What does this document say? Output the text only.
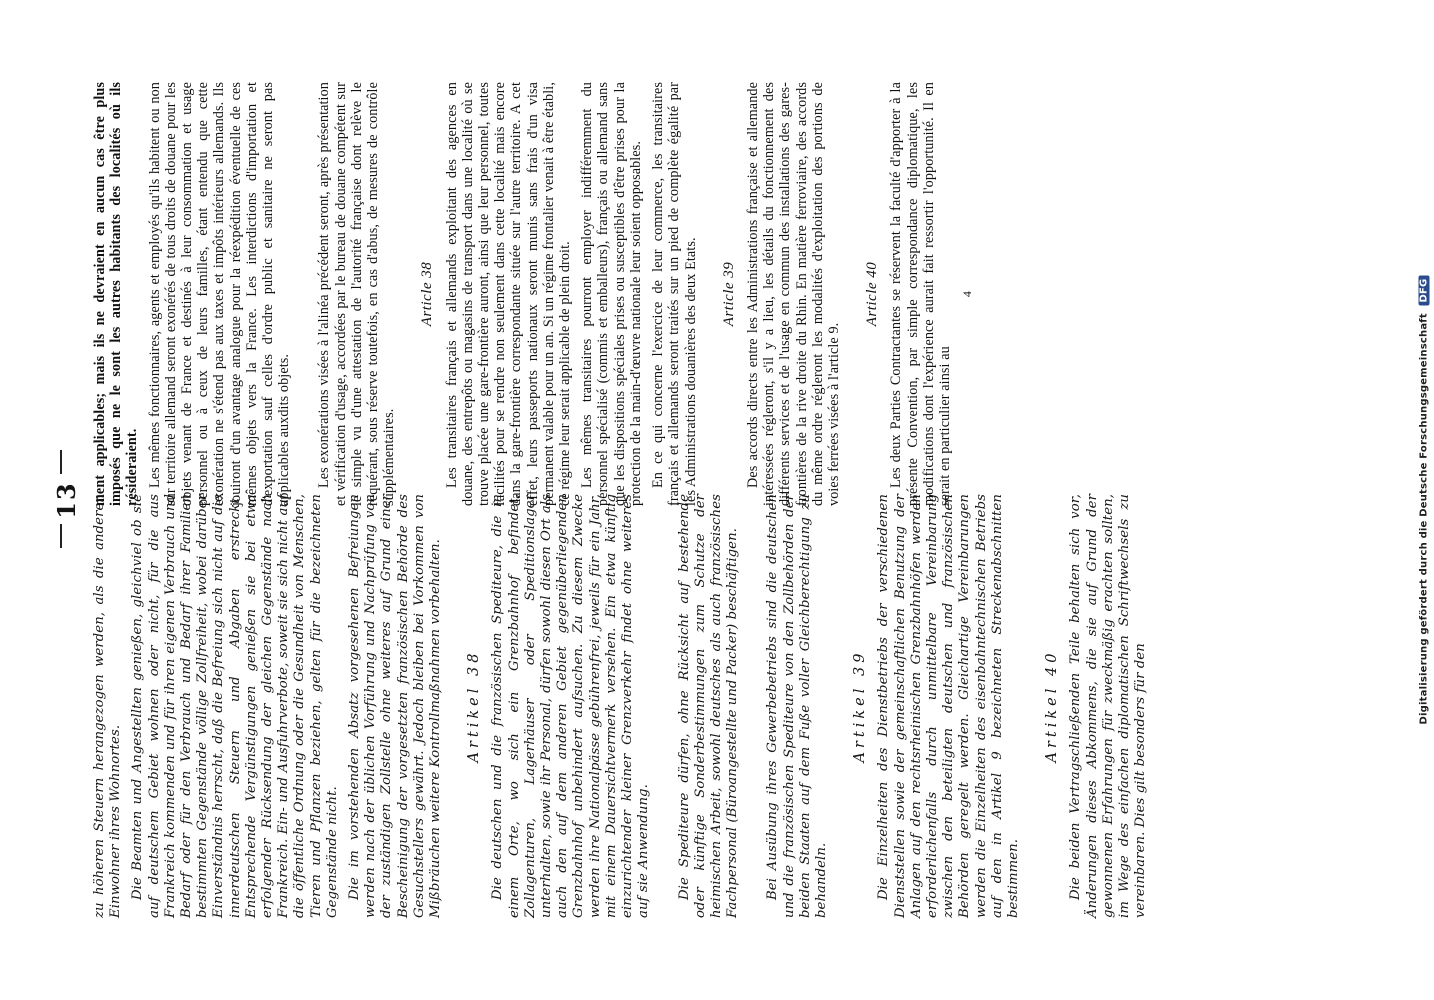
13 zu höheren Steuern herangezogen werden, als die anderen Einwohner ihres Wohnortes. Die Beamten und Angestellten genießen, gleichviel ob sie auf deutschem Gebiet wohnen oder nicht, für die aus Frankreich kommenden und für ihren eigenen Verbrauch und Bedarf oder für den Verbrauch und Bedarf ihrer Familien bestimmten Gegenstände völlige Zollfreiheit, wobei darüber Einverständnis herrscht, daß die Befreiung sich nicht auf die innerdeutschen Steuern und Abgaben erstreckt. Entsprechende Vergünstigungen genießen sie bei etwa erfolgender Rücksendung der gleichen Gegenstände nach Frankreich. Ein- und Ausfuhrverbote, soweit sie sich nicht auf die öffentliche Ordnung oder die Gesundheit von Menschen, Tieren und Pflanzen beziehen, gelten für die bezeichneten Gegenstände nicht. Die im vorstehenden Absatz vorgesehenen Befreiungen werden nach der üblichen Vorführung und Nachprüfung von der zuständigen Zollstelle ohne weiteres auf Grund einer Bescheinigung der vorgesetzten französischen Behörde des Gesuchstellers gewährt. Jedoch bleiben bei Vorkommen von Mißbräuchen weitere Kontrollmaßnahmen vorbehalten. Artikel 38 Die deutschen und die französischen Spediteure, die in einem Orte, wo sich ein Grenzbahnhof befindet, Zollagenturen, Lagerhäuser oder Speditionslager unterhalten, sowie ihr Personal, dürfen sowohl diesen Ort als auch den auf dem anderen Gebiet gegenüberliegenden Grenzbahnhof unbehindert aufsuchen. Zu diesem Zwecke werden ihre Nationalpässe gebührenfrei, jeweils für ein Jahr, mit einem Dauersichtvermerk versehen. Ein etwa künftig einzurichtender kleiner Grenzverkehr findet ohne weiteres auf sie Anwendung. Die Spediteure dürfen, ohne Rücksicht auf bestehende oder künftige Sonderbestimmungen zum Schutze der heimischen Arbeit, sowohl deutsches als auch französisches Fachpersonal (Büroangestellte und Packer) beschäftigen. Bei Ausübung ihres Gewerbebetriebs sind die deutschen und die französischen Spediteure von den Zollbehörden der beiden Staaten auf dem Fuße voller Gleichberechtigung zu behandeln.

Artikel 39 Die Einzelheiten des Dienstbetriebs der verschiedenen Dienststellen sowie der gemeinschaftlichen Benutzung der Anlagen auf den rechtsrheinischen Grenzbahnhöfen werden erforderlichenfalls durch unmittelbare Vereinbarung zwischen den beteiligten deutschen und französischen Behörden geregelt werden. Gleichartige Vereinbarungen werden die Einzelheiten des eisenbahntechnischen Betriebs auf den in Artikel 9 bezeichneten Streckenabschnitten bestimmen.

Artikel 40 Die beiden Vertragschließenden Teile behalten sich vor, Änderungen dieses Abkommens, die sie auf Grund der gewonnenen Erfahrungen für zweckmäßig erachten sollten, im Wege des einfachen diplomatischen Schriftwechsels zu vereinbaren. Dies gilt besonders für den

ment applicables; mais ils ne devraient en aucun cas être plus imposés que ne le sont les autres habitants des localités où ils résideraient. Les mêmes fonctionnaires, agents et employés qu'ils habitent ou non sur territoire allemand seront exonérés de tous droits de douane pour les objets venant de France et destinés à leur consommation et usage personnel ou à ceux de leurs familles, étant entendu que cette exonération ne s'étend pas aux taxes et impôts intérieurs allemands. Ils jouiront d'un avantage analogue pour la réexpédition éventuelle de ces mêmes objets vers la France. Les interdictions d'importation et d'exportation sauf celles d'ordre public et sanitaire ne seront pas applicables auxdits objets. Les exonérations visées à l'alinéa précédent seront, après présentation et vérification d'usage, accordées par le bureau de douane compétent sur le simple vu d'une attestation de l'autorité française dont relève le requérant, sous réserve toutefois, en cas d'abus, de mesures de contrôle supplémentaires.

Article 38 Les transitaires français et allemands exploitant des agences en douane, des entrepôts ou magasins de transport dans une localité où se trouve placée une gare-frontière auront, ainsi que leur personnel, toutes facilités pour se rendre non seulement dans cette localité mais encore dans la gare-frontière correspondante située sur l'autre territoire. A cet effet, leurs passeports nationaux seront munis sans frais d'un visa permanent valable pour un an. Si un régime frontalier venait à être établi, ce régime leur serait applicable de plein droit. Les mêmes transitaires pourront employer indifféremment du personnel spécialisé (commis et emballeurs), français ou allemand sans que les dispositions spéciales prises ou susceptibles d'être prises pour la protection de la main-d'œuvre nationale leur soient opposables. En ce qui concerne l'exercice de leur commerce, les transitaires français et allemands seront traités sur un pied de complète égalité par les Administrations douanières des deux Etats. Article 39 Des accords directs entre les Administrations française et allemande intéressées régleront, s'il y a lieu, les détails du fonctionnement des différents services et de l'usage en commun des installations des gares-frontières de la rive droite du Rhin. En matière ferroviaire, des accords du même ordre régleront les modalités d'exploitation des portions de voies ferrées visées à l'article 9.

Article 40 Les deux Parties Contractantes se réservent la faculté d'apporter à la présente Convention, par simple correspondance diplomatique, les modifications dont l'expérience aurait fait ressortir l'opportunité. Il en serait en particulier ainsi au

4
Digitalisierung gefördert durch die Deutsche Forschungsgemeinschaft DFG
